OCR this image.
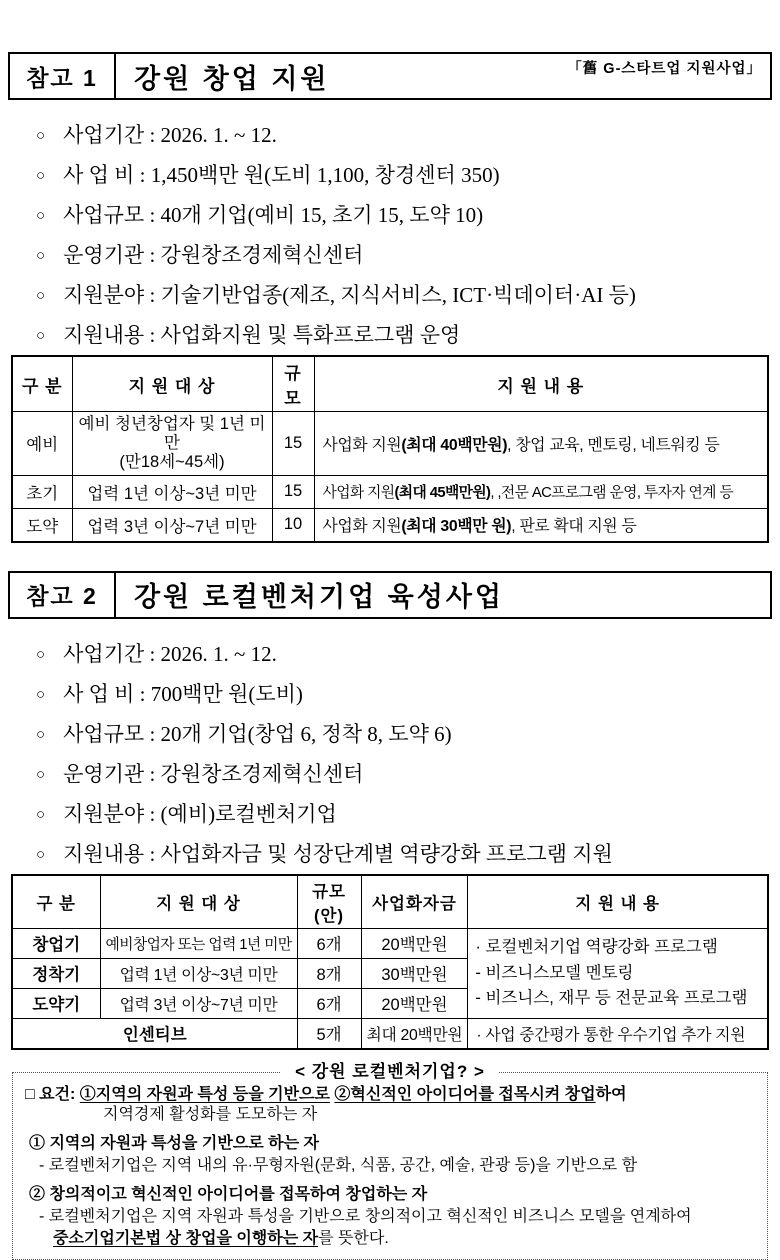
참고 1	강원 창업 지원	「舊 G-스타트업 지원사업」
○ 사업기간 : 2026. 1. ~ 12.
○ 사 업 비 : 1,450백만 원(도비 1,100, 창경센터 350)
○ 사업규모 : 40개 기업(예비 15, 초기 15, 도약 10)
○ 운영기관 : 강원창조경제혁신센터
○ 지원분야 : 기술기반업종(제조, 지식서비스, ICT·빅데이터·AI 등)
○ 지원내용 : 사업화지원 및 특화프로그램 운영
구 분	지 원 대 상	규모	지 원 내 용
예비	예비 청년창업자 및 1년 미만
(만18세~45세)	15	사업화 지원(최대 40백만원), 창업 교육, 멘토링, 네트워킹 등
초기	업력 1년 이상~3년 미만	15	사업화 지원(최대 45백만원), ,전문 AC프로그램 운영, 투자자 연계 등
도약	업력 3년 이상~7년 미만	10	사업화 지원(최대 30백만 원), 판로 확대 지원 등
참고 2	강원 로컬벤처기업 육성사업
○ 사업기간 : 2026. 1. ~ 12.
○ 사 업 비 : 700백만 원(도비)
○ 사업규모 : 20개 기업(창업 6, 정착 8, 도약 6)
○ 운영기관 : 강원창조경제혁신센터
○ 지원분야 : (예비)로컬벤처기업
○ 지원내용 : 사업화자금 및 성장단계별 역량강화 프로그램 지원
구 분	지 원 대 상	규모(안)	사업화자금	지 원 내 용
창업기	예비창업자 또는 업력 1년 미만	6개	20백만원	· 로컬벤처기업 역량강화 프로그램
- 비즈니스모델 멘토링
- 비즈니스, 재무 등 전문교육 프로그램
정착기	업력 1년 이상~3년 미만	8개	30백만원	
도약기	업력 3년 이상~7년 미만	6개	20백만원	
인센티브		5개	최대 20백만원	· 사업 중간평가 통한 우수기업 추가 지원
< 강원 로컬벤처기업? >
□ 요건: ①지역의 자원과 특성 등을 기반으로 ②혁신적인 아이디어를 접목시켜 창업하여
지역경제 활성화를 도모하는 자
① 지역의 자원과 특성을 기반으로 하는 자
- 로컬벤처기업은 지역 내의 유·무형자원(문화, 식품, 공간, 예술, 관광 등)을 기반으로 함
② 창의적이고 혁신적인 아이디어를 접목하여 창업하는 자
- 로컬벤처기업은 지역 자원과 특성을 기반으로 창의적이고 혁신적인 비즈니스 모델을 연계하여
중소기업기본법 상 창업을 이행하는 자를 뜻한다.
